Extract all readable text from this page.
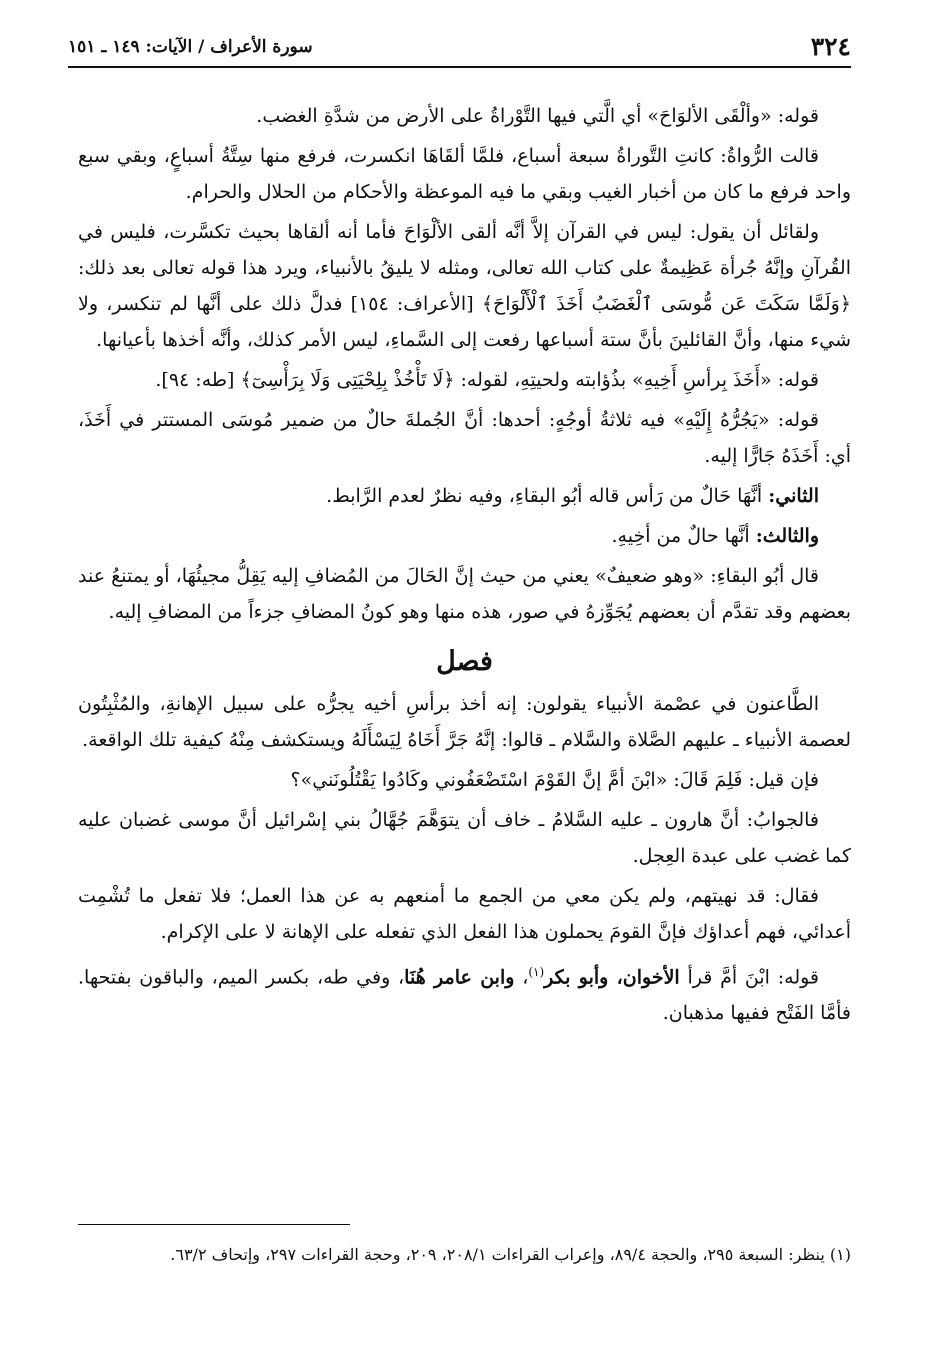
٣٢٤
سورة الأعراف / الآيات: ١٤٩ ـ ١٥١

قوله: «وألْقَى الألوَاحَ» أي الَّتي فيها التَّوْراةُ على الأرض من شدَّةِ الغضب.

قالت الرُّواةُ: كانتِ التَّوراةُ سبعة أسباع، فلمَّا ألقَاهَا انكسرت، فرفع منها سِتَّةُ أسباعٍ، وبقي سبع واحد فرفع ما كان من أخبار الغيب وبقي ما فيه الموعظة والأحكام من الحلال والحرام.

ولقائل أن يقول: ليس في القرآن إلاَّ أنَّه ألقى الألْوَاحَ فأما أنه ألقاها بحيث تكسَّرت، فليس في القُرآنِ وإنَّهُ جُرأة عَظِيمةٌ على كتاب الله تعالى، ومثله لا يليقُ بالأنبياء، ويرد هذا قوله تعالى بعد ذلك: ﴿وَلَمَّا سَكَتَ عَن مُّوسَى ٱلْغَضَبُ أَخَذَ ٱلْأَلْوَاحَ﴾ [الأعراف: ١٥٤] فدلَّ ذلك على أنَّها لم تنكسر، ولا شيء منها، وأنَّ القائلينَ بأنَّ ستة أسباعها رفعت إلى السَّماءِ، ليس الأمر كذلك، وأنَّه أخذها بأعيانها.

قوله: «أَخَذَ بِرأسِ أَخِيهِ» بذُؤابته ولحيتِهِ، لقوله: ﴿لَا تَأْخُذْ بِلِحْيَتِى وَلَا بِرَأْسِىٓ﴾ [طه: ٩٤].

قوله: «يَجُرُّهُ إِلَيْهِ» فيه ثلاثةُ أوجُهٍ: أحدها: أنَّ الجُملةَ حالٌ من ضمير مُوسَى المستتر في أَخَذَ، أي: أَخَذَهُ جَارًّا إليه.

الثاني: أنَّهَا حَالٌ من رَأس قاله أبُو البقاءِ، وفيه نظرٌ لعدم الرَّابط.

والثالث: أنَّها حالٌ من أخِيهِ.

قال أبُو البقاءِ: «وهو ضعيفٌ» يعني من حيث إنَّ الحَالَ من المُضافِ إليه يَقِلُّ مجيئُهَا، أو يمتنعُ عند بعضهم وقد تقدَّم أن بعضهم يُجَوِّزهُ في صور، هذه منها وهو كونُ المضافِ جزءاً من المضافِ إليه.

فصل

الطَّاعنون في عصْمة الأنبياء يقولون: إنه أخذ برأسِ أخيه يجرُّه على سبيل الإهانةِ، والمُثْبِتُون لعصمة الأنبياء ـ عليهم الصَّلاة والسَّلام ـ قالوا: إنَّهُ جَرَّ أَخَاهُ لِيَسْأَلَهُ ويستكشف مِنْهُ كيفية تلك الواقعة.

فإن قيل: فَلِمَ قَالَ: «ابْنَ أمَّ إنَّ القَوْمَ اسْتَضْعَفُوني وكَادُوا يَقْتُلُونَني»؟

فالجوابُ: أنَّ هارون ـ عليه السَّلامُ ـ خاف أن يتوَهَّمَ جُهَّالُ بني إسْرائيل أنَّ موسى غضبان عليه كما غضب على عبدة العِجل.

فقال: قد نهيتهم، ولم يكن معي من الجمع ما أمنعهم به عن هذا العمل؛ فلا تفعل ما تُشْمِت أعدائي، فهم أعداؤك فإنَّ القومَ يحملون هذا الفعل الذي تفعله على الإهانة لا على الإكرام.

قوله: ابْنَ أمَّ قرأ الأخوان، وأبو بكر$^{(١)}$، وابن عامر هُنَا، وفي طه، بكسر الميم، والباقون بفتحها. فأمَّا الفَتْح ففيها مذهبان.

(١) ينظر: السبعة ٢٩٥، والحجة ٨٩/٤، وإعراب القراءات ٢٠٨/١، ٢٠٩، وحجة القراءات ٢٩٧، وإتحاف ٦٣/٢.
